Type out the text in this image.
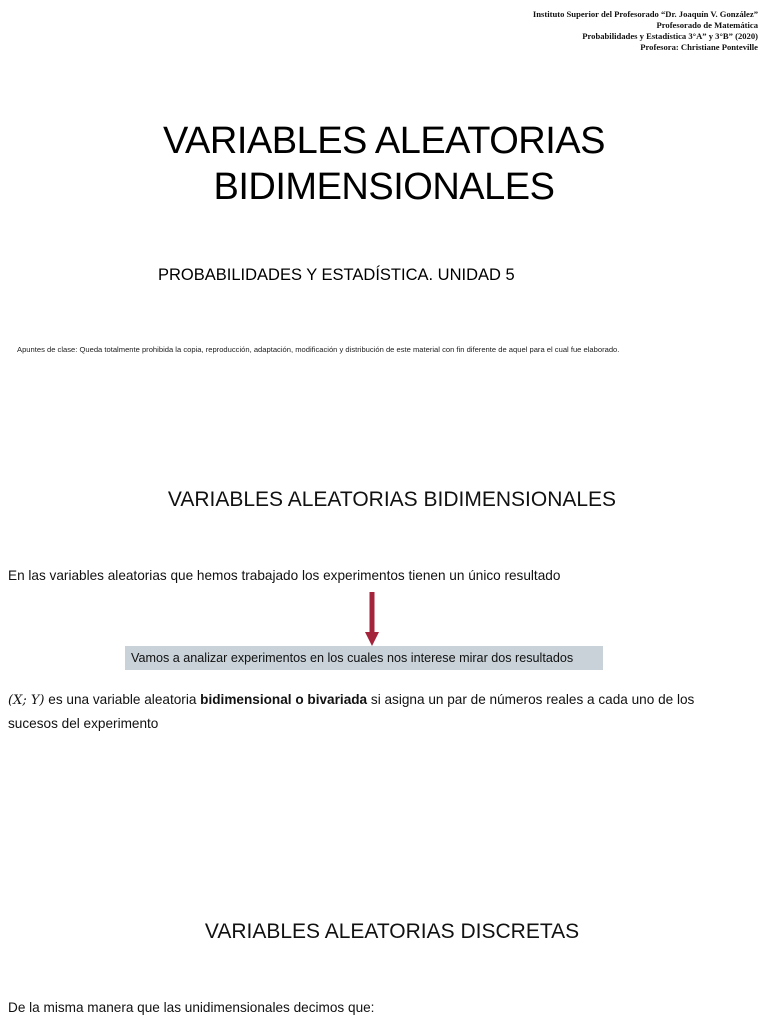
Instituto Superior del Profesorado “Dr. Joaquín V. González”
Profesorado de Matemática
Probabilidades y Estadística 3°A” y 3°B” (2020)
Profesora: Christiane Ponteville
VARIABLES ALEATORIAS
BIDIMENSIONALES
PROBABILIDADES Y ESTADÍSTICA. UNIDAD 5
Apuntes de clase: Queda totalmente prohibida la copia, reproducción, adaptación, modificación y distribución de este material con fin diferente de aquel para el cual fue elaborado.
VARIABLES ALEATORIAS BIDIMENSIONALES
En las variables aleatorias que hemos trabajado los experimentos tienen un único resultado
Vamos a analizar experimentos en los cuales nos interese mirar dos resultados
(X; Y) es una variable aleatoria bidimensional o bivariada si asigna un par de números reales a cada uno de los sucesos del experimento
VARIABLES ALEATORIAS DISCRETAS
De la misma manera que las unidimensionales decimos que:
